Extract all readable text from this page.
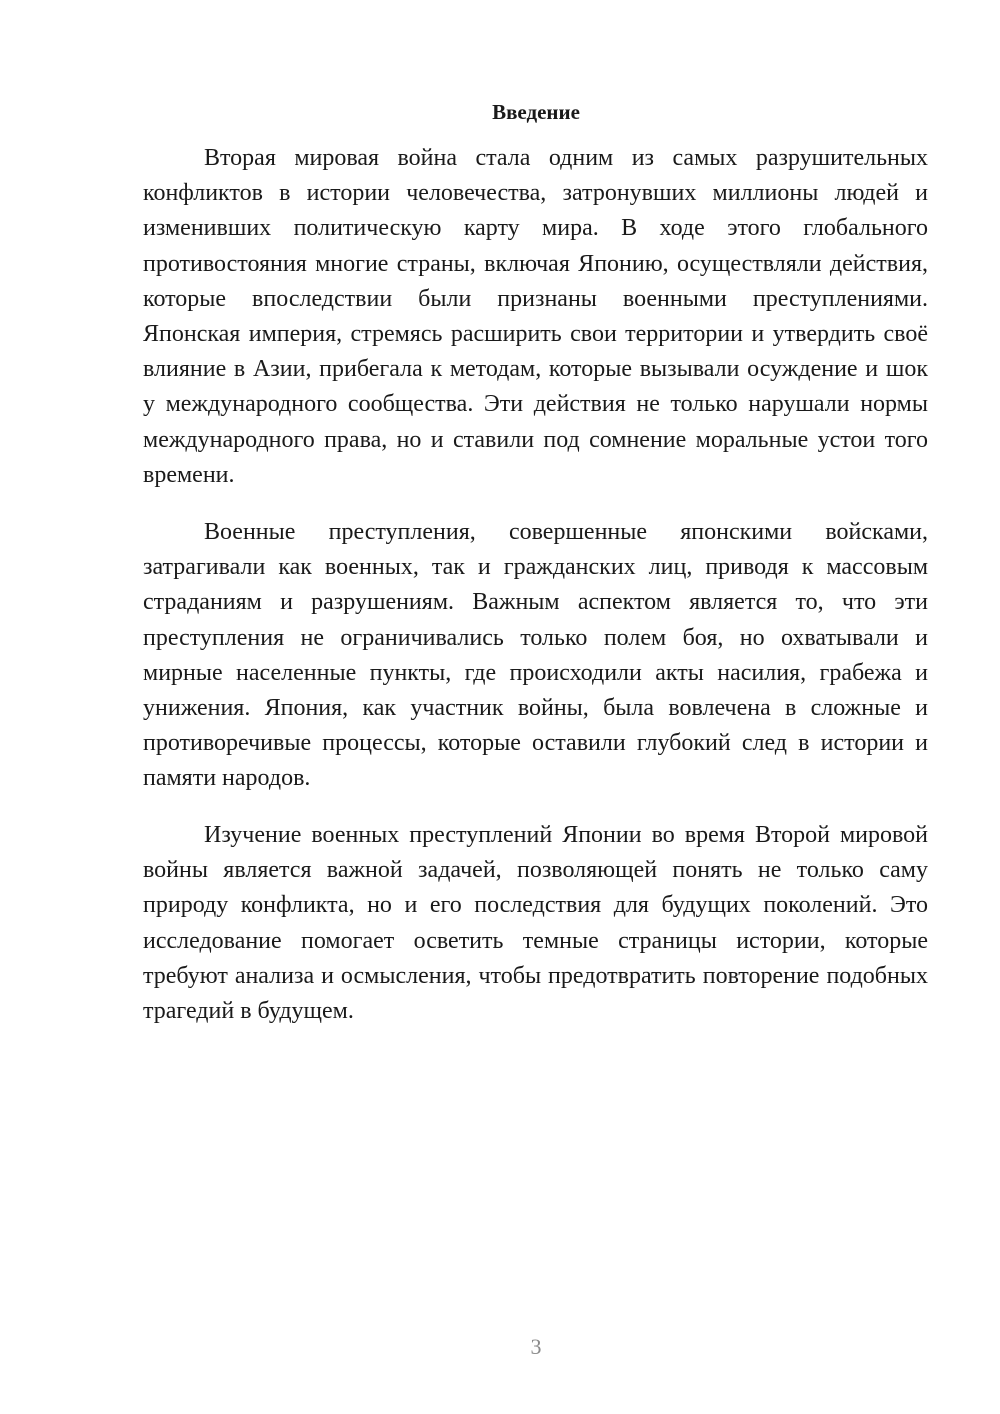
Введение

Вторая мировая война стала одним из самых разрушительных конфликтов в истории человечества, затронувших миллионы людей и изменивших политическую карту мира. В ходе этого глобального противостояния многие страны, включая Японию, осуществляли действия, которые впоследствии были признаны военными преступлениями. Японская империя, стремясь расширить свои территории и утвердить своё влияние в Азии, прибегала к методам, которые вызывали осуждение и шок у международного сообщества. Эти действия не только нарушали нормы международного права, но и ставили под сомнение моральные устои того времени.

Военные преступления, совершенные японскими войсками, затрагивали как военных, так и гражданских лиц, приводя к массовым страданиям и разрушениям. Важным аспектом является то, что эти преступления не ограничивались только полем боя, но охватывали и мирные населенные пункты, где происходили акты насилия, грабежа и унижения. Япония, как участник войны, была вовлечена в сложные и противоречивые процессы, которые оставили глубокий след в истории и памяти народов.

Изучение военных преступлений Японии во время Второй мировой войны является важной задачей, позволяющей понять не только саму природу конфликта, но и его последствия для будущих поколений. Это исследование помогает осветить темные страницы истории, которые требуют анализа и осмысления, чтобы предотвратить повторение подобных трагедий в будущем.

3
